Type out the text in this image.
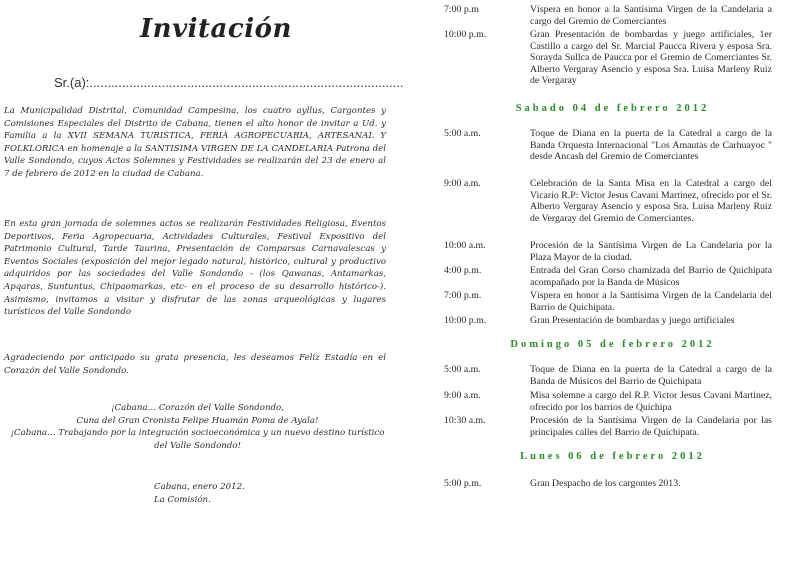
Invitación
Sr.(a):.......................................................................................

La Municipalidad Distrital, Comunidad Campesina, los cuatro ayllus, Cargontes y Comisiones Especiales del Distrito de Cabana, tienen el alto honor de invitar a Ud. y Familia a la XVII SEMANA TURISTICA, FERIA AGROPECUARIA, ARTESANAL Y FOLKLORICA en homenaje a la SANTISIMA VIRGEN DE LA CANDELARIA Patrona del Valle Sondondo, cuyos Actos Solemnes y Festividades se realizarán del 23 de enero al 7 de febrero de 2012 en la ciudad de Cabana.

En esta gran jornada de solemnes actos se realizarán Festividades Religiosa, Eventos Deportivos, Feria Agropecuaria, Actividades Culturales, Festival Expositivo del Patrimonio Cultural, Tarde Taurina, Presentación de Comparsas Carnavalescas y Eventos Sociales (exposición del mejor legado natural, histórico, cultural y productivo adquiridos por las sociedades del Valle Sondondo - (los Qawanas, Antamarkas, Apqaras, Suntuntus, Chipaomarkas, etc- en el proceso de su desarrollo histórico-). Asimismo, invitamos a visitar y disfrutar de las zonas arqueológicas y lugares turísticos del Valle Sondondo

Agradeciendo por anticipado su grata presencia, les deseamos Feliz Estadía en el Corazón del Valle Sondondo.

¡Cabana… Corazón del Valle Sondondo,
Cuna del Gran Cronista Felipe Huamán Poma de Ayala!
¡Cabana… Trabajando por la integración socioeconómica y un nuevo destino turístico del Valle Sondondo!
Cabana, enero 2012.
La Comisión.
7:00 p.m	Víspera en honor a la Santísima Virgen de la Candelaria a cargo del Gremio de Comerciantes
10:00 p.m.	Gran Presentación de bombardas y juego artificiales, 1er Castillo a cargo del Sr. Marcial Paucca Rivera y esposa Sra. Sorayda Sullca de Paucca por el Gremio de Comerciantes Sr. Alberto Vergaray Asencio y esposa Sra. Luisa Marleny Ruiz de Vergaray
Sabado 04 de febrero 2012
5:00 a.m.	Toque de Diana en la puerta de la Catedral a cargo de la Banda Orquesta Internacional "Los Amautas de Carhuayoc " desde Ancash del Gremio de Comerciantes
9:00 a.m.	Celebración de la Santa Misa en la Catedral a cargo del Vicario R.P: Victor Jesus Cavani Martinez, ofrecido por el Sr. Alberto Vergaray Asencio y esposa Sra. Luisa Marleny Ruiz de Vergaray del Gremio de Comerciantes.
10:00 a.m.	Procesión de la Santísima Virgen de La Candelaria por la Plaza Mayor de la ciudad.
4:00 p.m.	Entrada del Gran Corso chamizada del Barrio de Quichipata acompañado por la Banda de Músicos
7:00 p.m.	Víspera en honor a la Santísima Virgen de la Candelaria del Barrio de Quichipata.
10:00 p.m.	Gran Presentación de bombardas y juego artificiales
Domingo 05 de febrero 2012
5:00 a.m.	Toque de Diana en la puerta de la Catedral a cargo de la Banda de Músicos del Barrio de Quichipata
9:00 a.m.	Misa solemne a cargo del R.P. Victor Jesus Cavani Martinez, ofrecido por los barrios de Quichipa
10:30 a.m.	Procesión de la Santísima Virgen de la Candelaria por las principales calles del Barrio de Quichipata.
Lunes 06 de febrero 2012
5:00 p.m.	Gran Despacho de los cargontes 2013.
